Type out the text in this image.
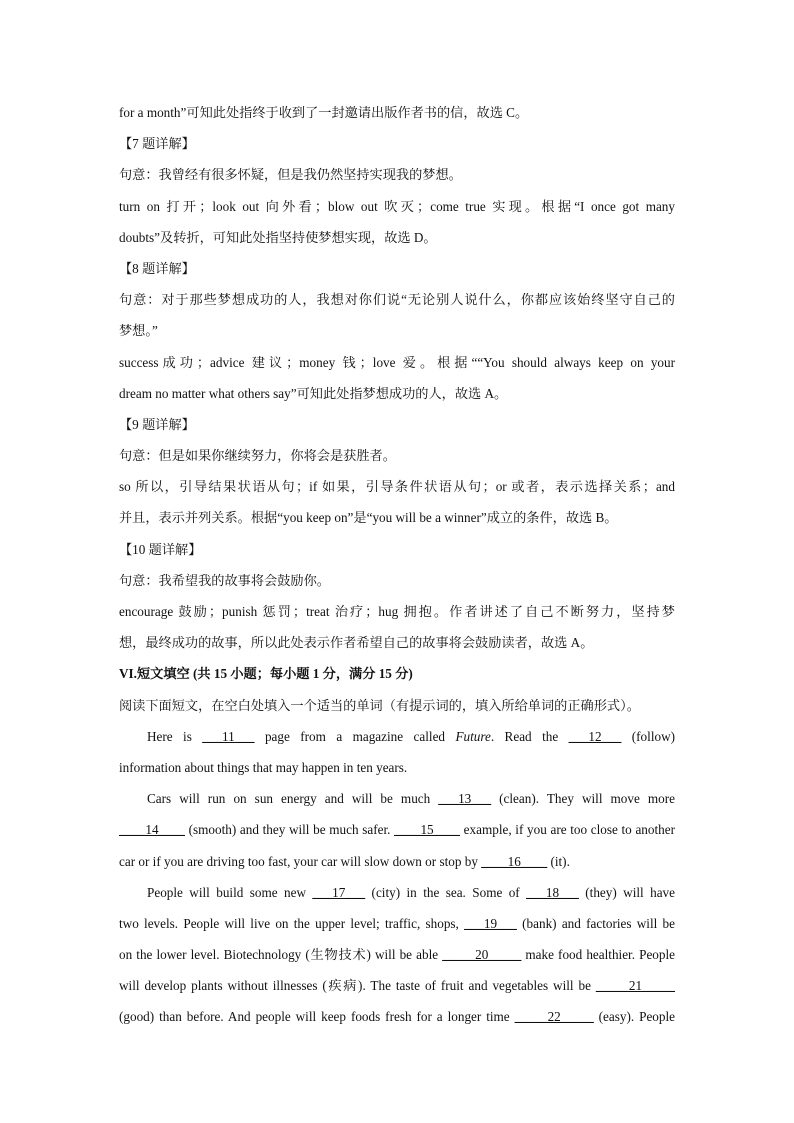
for a month”可知此处指终于收到了一封邀请出版作者书的信，故选 C。
【7 题详解】
句意：我曾经有很多怀疑，但是我仍然坚持实现我的梦想。
turn on 打开；look out 向外看；blow out 吹灭；come true 实现。根据“I once got many
doubts”及转折，可知此处指坚持使梦想实现，故选 D。
【8 题详解】
句意：对于那些梦想成功的人，我想对你们说“无论别人说什么，你都应该始终坚守自己的
梦想。”
success成功；advice 建议；money 钱；love 爱。根据““You should always keep on your
dream no matter what others say”可知此处指梦想成功的人，故选 A。
【9 题详解】
句意：但是如果你继续努力，你将会是获胜者。
so 所以，引导结果状语从句；if 如果，引导条件状语从句；or 或者，表示选择关系；and
并且，表示并列关系。根据“you keep on”是“you will be a winner”成立的条件，故选 B。
【10 题详解】
句意：我希望我的故事将会鼓励你。
encourage 鼓励；punish 惩罚；treat 治疗；hug 拥抱。作者讲述了自己不断努力，坚持梦
想，最终成功的故事，所以此处表示作者希望自己的故事将会鼓励读者，故选 A。
VI.短文填空 (共 15 小题；每小题 1 分，满分 15 分)
阅读下面短文，在空白处填入一个适当的单词（有提示词的，填入所给单词的正确形式）。
Here is ___11___ page from a magazine called Future. Read the ___12___ (follow)
information about things that may happen in ten years.
Cars will run on sun energy and will be much ___13___ (clean). They will move more
____14____ (smooth) and they will be much safer. ____15____ example, if you are too close to another
car or if you are driving too fast, your car will slow down or stop by ____16____ (it).
People will build some new ___17___ (city) in the sea. Some of ___18___ (they) will have
two levels. People will live on the upper level; traffic, shops, ___19___ (bank) and factories will be
on the lower level. Biotechnology (生物技术) will be able _____20_____ make food healthier. People
will develop plants without illnesses (疾病). The taste of fruit and vegetables will be _____21_____
(good) than before. And people will keep foods fresh for a longer time _____22_____ (easy). People
